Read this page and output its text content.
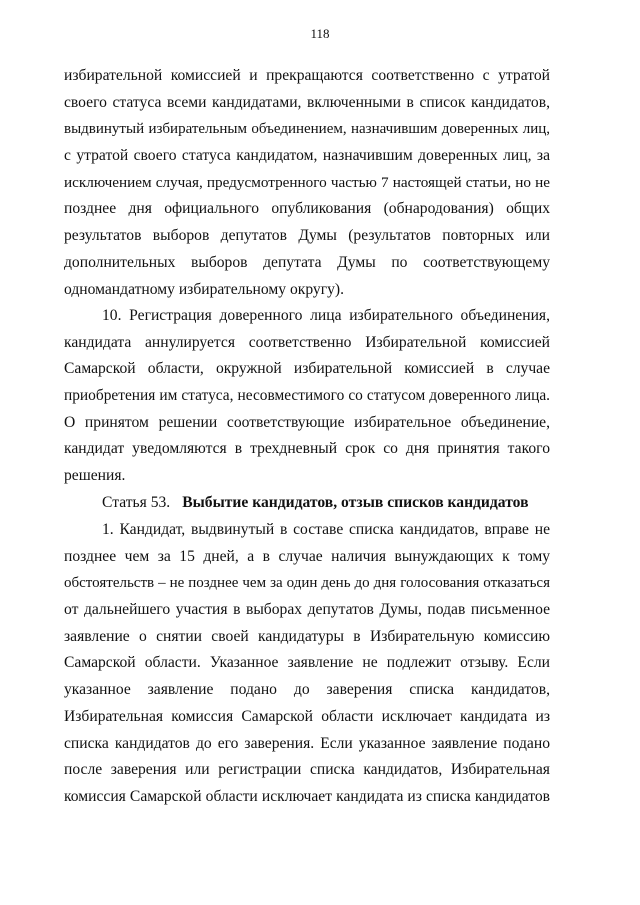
118

избирательной комиссией и прекращаются соответственно с утратой

своего статуса всеми кандидатами, включенными в список кандидатов,

выдвинутый избирательным объединением, назначившим доверенных лиц,

с утратой своего статуса кандидатом, назначившим доверенных лиц, за

исключением случая, предусмотренного частью 7 настоящей статьи, но не

позднее дня официального опубликования (обнародования) общих

результатов выборов депутатов Думы (результатов повторных или

дополнительных выборов депутата Думы по соответствующему

одномандатному избирательному округу).

10. Регистрация доверенного лица избирательного объединения,

кандидата аннулируется соответственно Избирательной комиссией

Самарской области, окружной избирательной комиссией в случае

приобретения им статуса, несовместимого со статусом доверенного лица.

О принятом решении соответствующие избирательное объединение,

кандидат уведомляются в трехдневный срок со дня принятия такого

решения.

Статья 53. Выбытие кандидатов, отзыв списков кандидатов

1. Кандидат, выдвинутый в составе списка кандидатов, вправе не

позднее чем за 15 дней, а в случае наличия вынуждающих к тому

обстоятельств – не позднее чем за один день до дня голосования отказаться

от дальнейшего участия в выборах депутатов Думы, подав письменное

заявление о снятии своей кандидатуры в Избирательную комиссию

Самарской области. Указанное заявление не подлежит отзыву. Если

указанное заявление подано до заверения списка кандидатов,

Избирательная комиссия Самарской области исключает кандидата из

списка кандидатов до его заверения. Если указанное заявление подано

после заверения или регистрации списка кандидатов, Избирательная

комиссия Самарской области исключает кандидата из списка кандидатов
